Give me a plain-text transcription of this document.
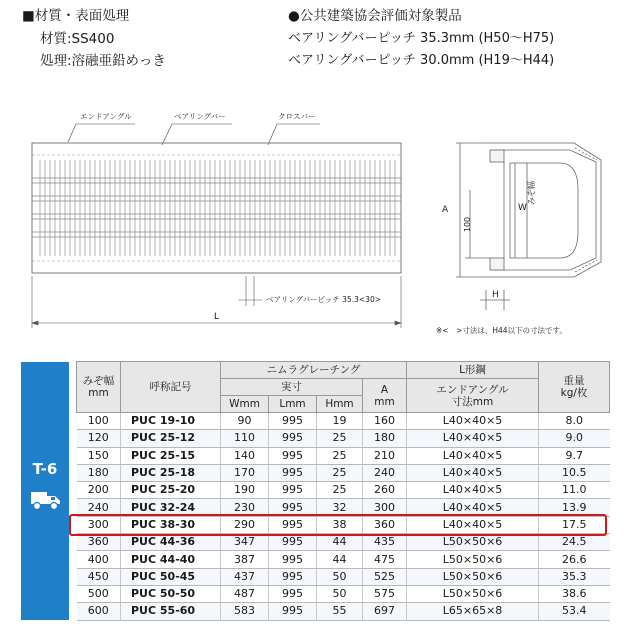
■材質・表面処理
材質:SS400
処理:溶融亜鉛めっき
●公共建築協会評価対象製品
ベアリングバーピッチ 35.3mm (H50〜H75)
ベアリングバーピッチ 30.0mm (H19〜H44)
エンドアングル	ベアリングバー	クロスバー
ベアリングバーピッチ 35.3<30>
L
A
100
W
みぞ幅
H
※<　>寸法は、H44以下の寸法です。
T-6
みぞ幅
mm	呼称記号	ニムラグレーチング				L形鋼	重量
kg/枚
		実寸			A
mm	エンドアングル
寸法mm	
		Wmm	Lmm	Hmm			
100	PUC 19-10	90	995	19	160	L40×40×5	8.0
120	PUC 25-12	110	995	25	180	L40×40×5	9.0
150	PUC 25-15	140	995	25	210	L40×40×5	9.7
180	PUC 25-18	170	995	25	240	L40×40×5	10.5
200	PUC 25-20	190	995	25	260	L40×40×5	11.0
240	PUC 32-24	230	995	32	300	L40×40×5	13.9
300	PUC 38-30	290	995	38	360	L40×40×5	17.5
360	PUC 44-36	347	995	44	435	L50×50×6	24.5
400	PUC 44-40	387	995	44	475	L50×50×6	26.6
450	PUC 50-45	437	995	50	525	L50×50×6	35.3
500	PUC 50-50	487	995	50	575	L50×50×6	38.6
600	PUC 55-60	583	995	55	697	L65×65×8	53.4
